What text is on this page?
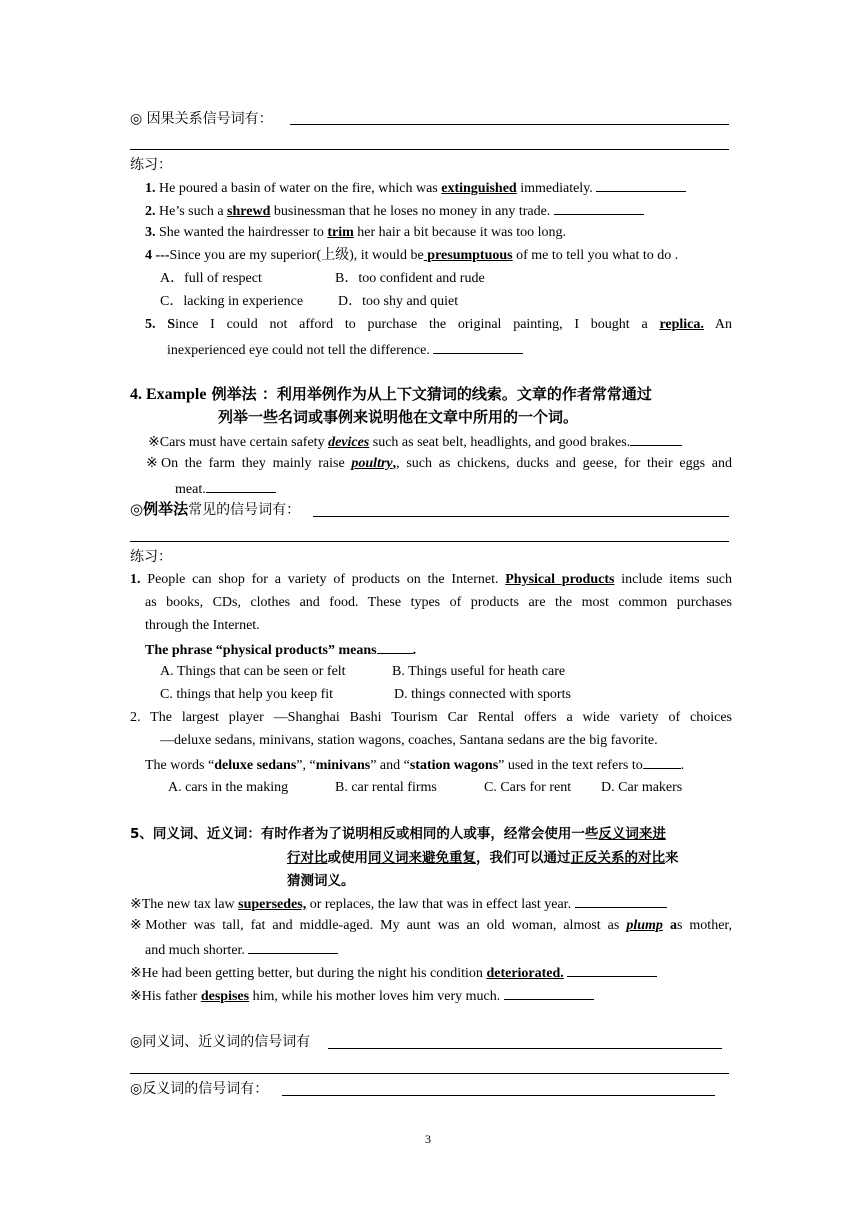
◎ 因果关系信号词有：
练习：
1. He poured a basin of water on the fire, which was extinguished immediately.
2. He’s such a shrewd businessman that he loses no money in any trade.
3. She wanted the hairdresser to trim her hair a bit because it was too long.
4 ---Since you are my superior(上级), it would be presumptuous of me to tell you what to do .
A．full of respect	B．too confident and rude
C．lacking in experience D．too shy and quiet
5. Since I could not afford to purchase the original painting, I bought a replica. An
inexperienced eye could not tell the difference.
4. Example 例举法 ：利用举例作为从上下文猜词的线索。文章的作者常常通过
列举一些名词或事例来说明他在文章中所用的一个词。
※Cars must have certain safety devices such as seat belt, headlights, and good brakes.
※On the farm they mainly raise poultry,, such as chickens, ducks and geese, for their eggs and
meat.
◎例举法常见的信号词有：
练习：
1. People can shop for a variety of products on the Internet. Physical products include items such
as books, CDs, clothes and food. These types of products are the most common purchases
through the Internet.
The phrase “physical products” means	.
A. Things that can be seen or felt	B. Things useful for heath care
C. things that help you keep fit	D. things connected with sports
2. The largest player —Shanghai Bashi Tourism Car Rental offers a wide variety of choices
—deluxe sedans, minivans, station wagons, coaches, Santana sedans are the big favorite.
The words “deluxe sedans”, “minivans” and “station wagons” used in the text refers to	.
A. cars in the making	B. car rental firms	C. Cars for rent D. Car makers
5、同义词、近义词：有时作者为了说明相反或相同的人或事，经常会使用一些反义词来进
行对比或使用同义词来避免重复，我们可以通过正反关系的对比来
猜测词义。
※The new tax law supersedes, or replaces, the law that was in effect last year.
※Mother was tall, fat and middle-aged. My aunt was an old woman, almost as plump as mother,
and much shorter.
※He had been getting better, but during the night his condition deteriorated.
※His father despises him, while his mother loves him very much.
◎同义词、近义词的信号词有
◎反义词的信号词有：
3
